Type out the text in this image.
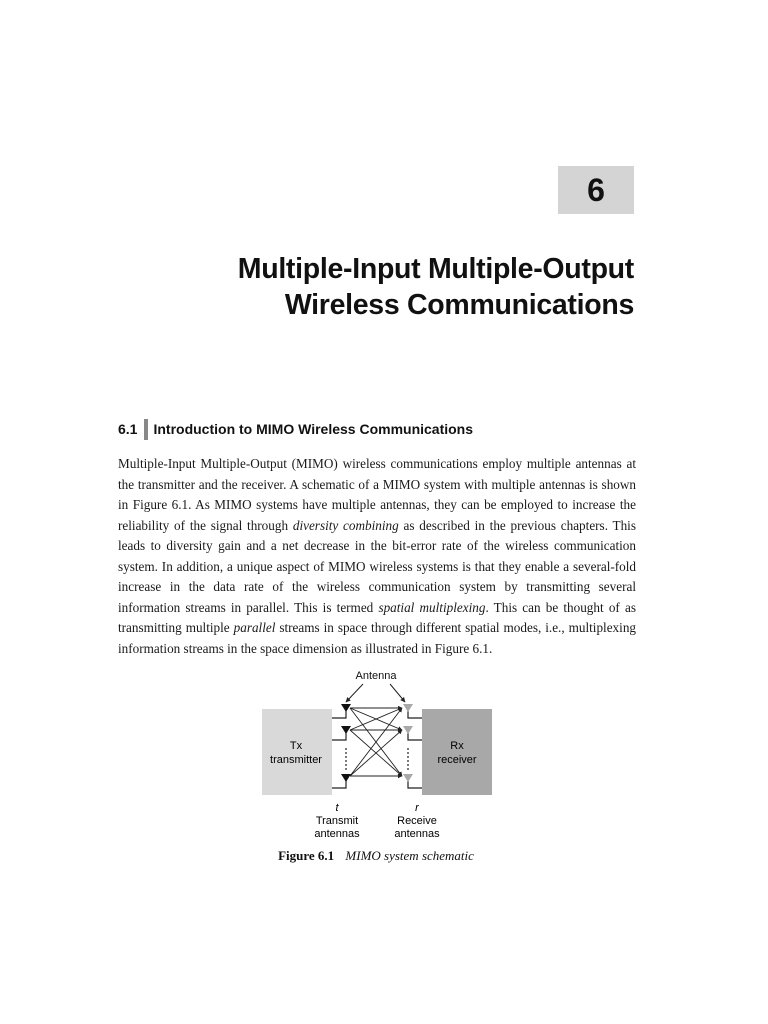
6
Multiple-Input Multiple-Output
Wireless Communications
6.1 Introduction to MIMO Wireless Communications

Multiple-Input Multiple-Output (MIMO) wireless communications employ multiple antennas at the transmitter and the receiver. A schematic of a MIMO system with multiple antennas is shown in Figure 6.1. As MIMO systems have multiple antennas, they can be employed to increase the reliability of the signal through diversity combining as described in the previous chapters. This leads to diversity gain and a net decrease in the bit-error rate of the wireless communication system. In addition, a unique aspect of MIMO wireless systems is that they enable a several-fold increase in the data rate of the wireless communication system by transmitting several information streams in parallel. This is termed spatial multiplexing. This can be thought of as transmitting multiple parallel streams in space through different spatial modes, i.e., multiplexing information streams in the space dimension as illustrated in Figure 6.1.

Antenna
Tx
transmitter
Rx
receiver
t	r
Transmit
antennas
Receive
antennas
Figure 6.1 MIMO system schematic
